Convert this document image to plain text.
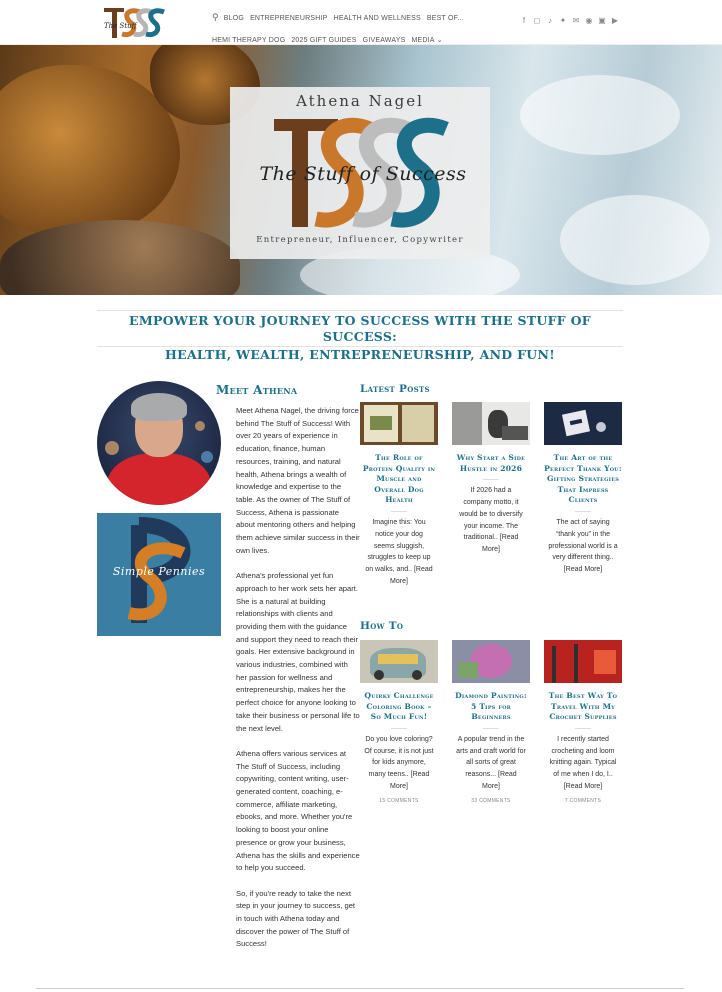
The Stuff
⚲ BLOG ENTREPRENEURSHIP HEALTH AND WELLNESS BEST OF...HEMI THERAPY DOG 2025 GIFT GUIDES GIVEAWAYS MEDIA ⌄
f	◻ ♪ ✦ ✉ ◉ ▣ ▶
Athena Nagel
The Stuff of Success
Entrepreneur, Influencer, Copywriter
EMPOWER YOUR JOURNEY TO SUCCESS WITH THE STUFF OF SUCCESS:
HEALTH, WEALTH, ENTREPRENEURSHIP, AND FUN!
Simple Pennies
Meet Athena

Meet Athena Nagel, the driving force behind The Stuff of Success! With over 20 years of experience in education, finance, human resources, training, and natural health, Athena brings a wealth of knowledge and expertise to the table. As the owner of The Stuff of Success, Athena is passionate about mentoring others and helping them achieve similar success in their own lives.

Athena's professional yet fun approach to her work sets her apart. She is a natural at building relationships with clients and providing them with the guidance and support they need to reach their goals. Her extensive background in various industries, combined with her passion for wellness and entrepreneurship, makes her the perfect choice for anyone looking to take their business or personal life to the next level.

Athena offers various services at The Stuff of Success, including copywriting, content writing, user-generated content, coaching, e-commerce, affiliate marketing, ebooks, and more. Whether you're looking to boost your online presence or grow your business, Athena has the skills and experience to help you succeed.

So, if you're ready to take the next step in your journey to success, get in touch with Athena today and discover the power of The Stuff of Success!

Latest Posts
The Role of Protein Quality in Muscle and Overall Dog Health
Imagine this: You notice your dog seems sluggish, struggles to keep up on walks, and.. [Read More]
Why Start a Side Hustle in 2026
If 2026 had a company motto, it would be to diversify your income. The traditional.. [Read More]
The Art of the Perfect Thank You: Gifting Strategies That Impress Clients
The act of saying “thank you” in the professional world is a very different thing.. [Read More]
How To
Quirky Challenge Coloring Book – So Much Fun!
Do you love coloring? Of course, it is not just for kids anymore, many teens.. [Read More]
15 COMMENTS
Diamond Painting: 5 Tips for Beginners
A popular trend in the arts and craft world for all sorts of great reasons... [Read More]
33 COMMENTS
The Best Way To Travel With My Crochet Supplies
I recently started crocheting and loom knitting again. Typical of me when I do, I.. [Read More]
7 COMMENTS
